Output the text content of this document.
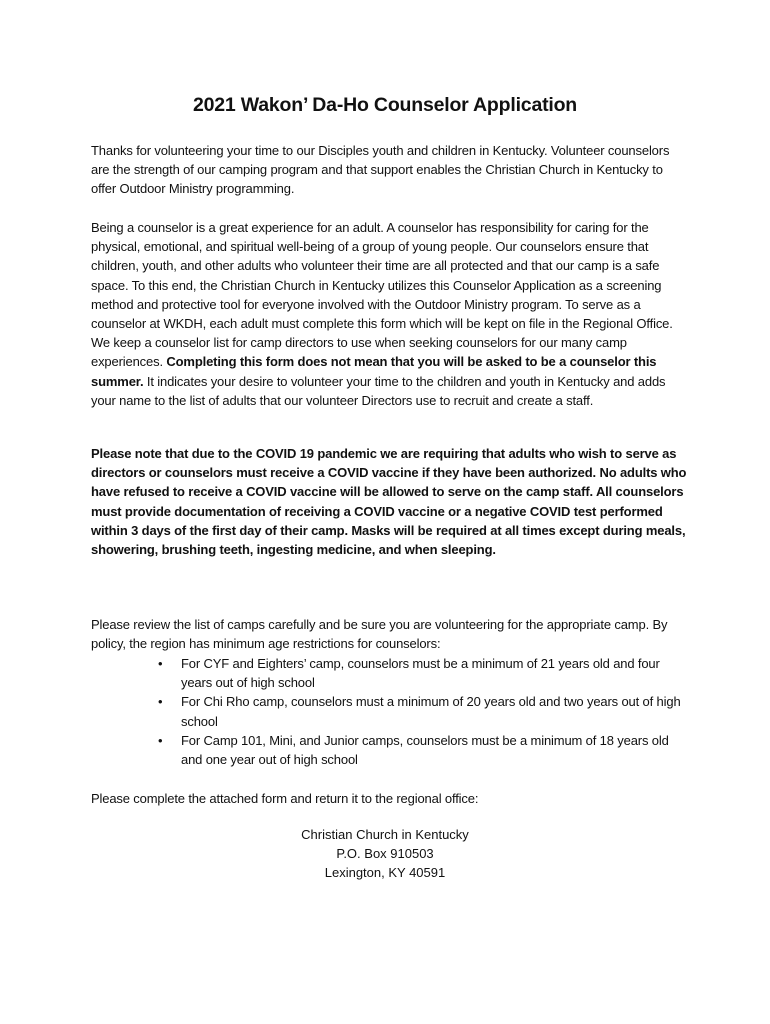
2021 Wakon’ Da-Ho Counselor Application
Thanks for volunteering your time to our Disciples youth and children in Kentucky. Volunteer counselors are the strength of our camping program and that support enables the Christian Church in Kentucky to offer Outdoor Ministry programming.
Being a counselor is a great experience for an adult. A counselor has responsibility for caring for the physical, emotional, and spiritual well-being of a group of young people. Our counselors ensure that children, youth, and other adults who volunteer their time are all protected and that our camp is a safe space. To this end, the Christian Church in Kentucky utilizes this Counselor Application as a screening method and protective tool for everyone involved with the Outdoor Ministry program. To serve as a counselor at WKDH, each adult must complete this form which will be kept on file in the Regional Office. We keep a counselor list for camp directors to use when seeking counselors for our many camp experiences. Completing this form does not mean that you will be asked to be a counselor this summer. It indicates your desire to volunteer your time to the children and youth in Kentucky and adds your name to the list of adults that our volunteer Directors use to recruit and create a staff.
Please note that due to the COVID 19 pandemic we are requiring that adults who wish to serve as directors or counselors must receive a COVID vaccine if they have been authorized. No adults who have refused to receive a COVID vaccine will be allowed to serve on the camp staff. All counselors must provide documentation of receiving a COVID vaccine or a negative COVID test performed within 3 days of the first day of their camp. Masks will be required at all times except during meals, showering, brushing teeth, ingesting medicine, and when sleeping.
Please review the list of camps carefully and be sure you are volunteering for the appropriate camp. By policy, the region has minimum age restrictions for counselors:
• For CYF and Eighters’ camp, counselors must be a minimum of 21 years old and four years out of high school
• For Chi Rho camp, counselors must a minimum of 20 years old and two years out of high school
• For Camp 101, Mini, and Junior camps, counselors must be a minimum of 18 years old and one year out of high school
Please complete the attached form and return it to the regional office:
Christian Church in Kentucky
P.O. Box 910503
Lexington, KY 40591
